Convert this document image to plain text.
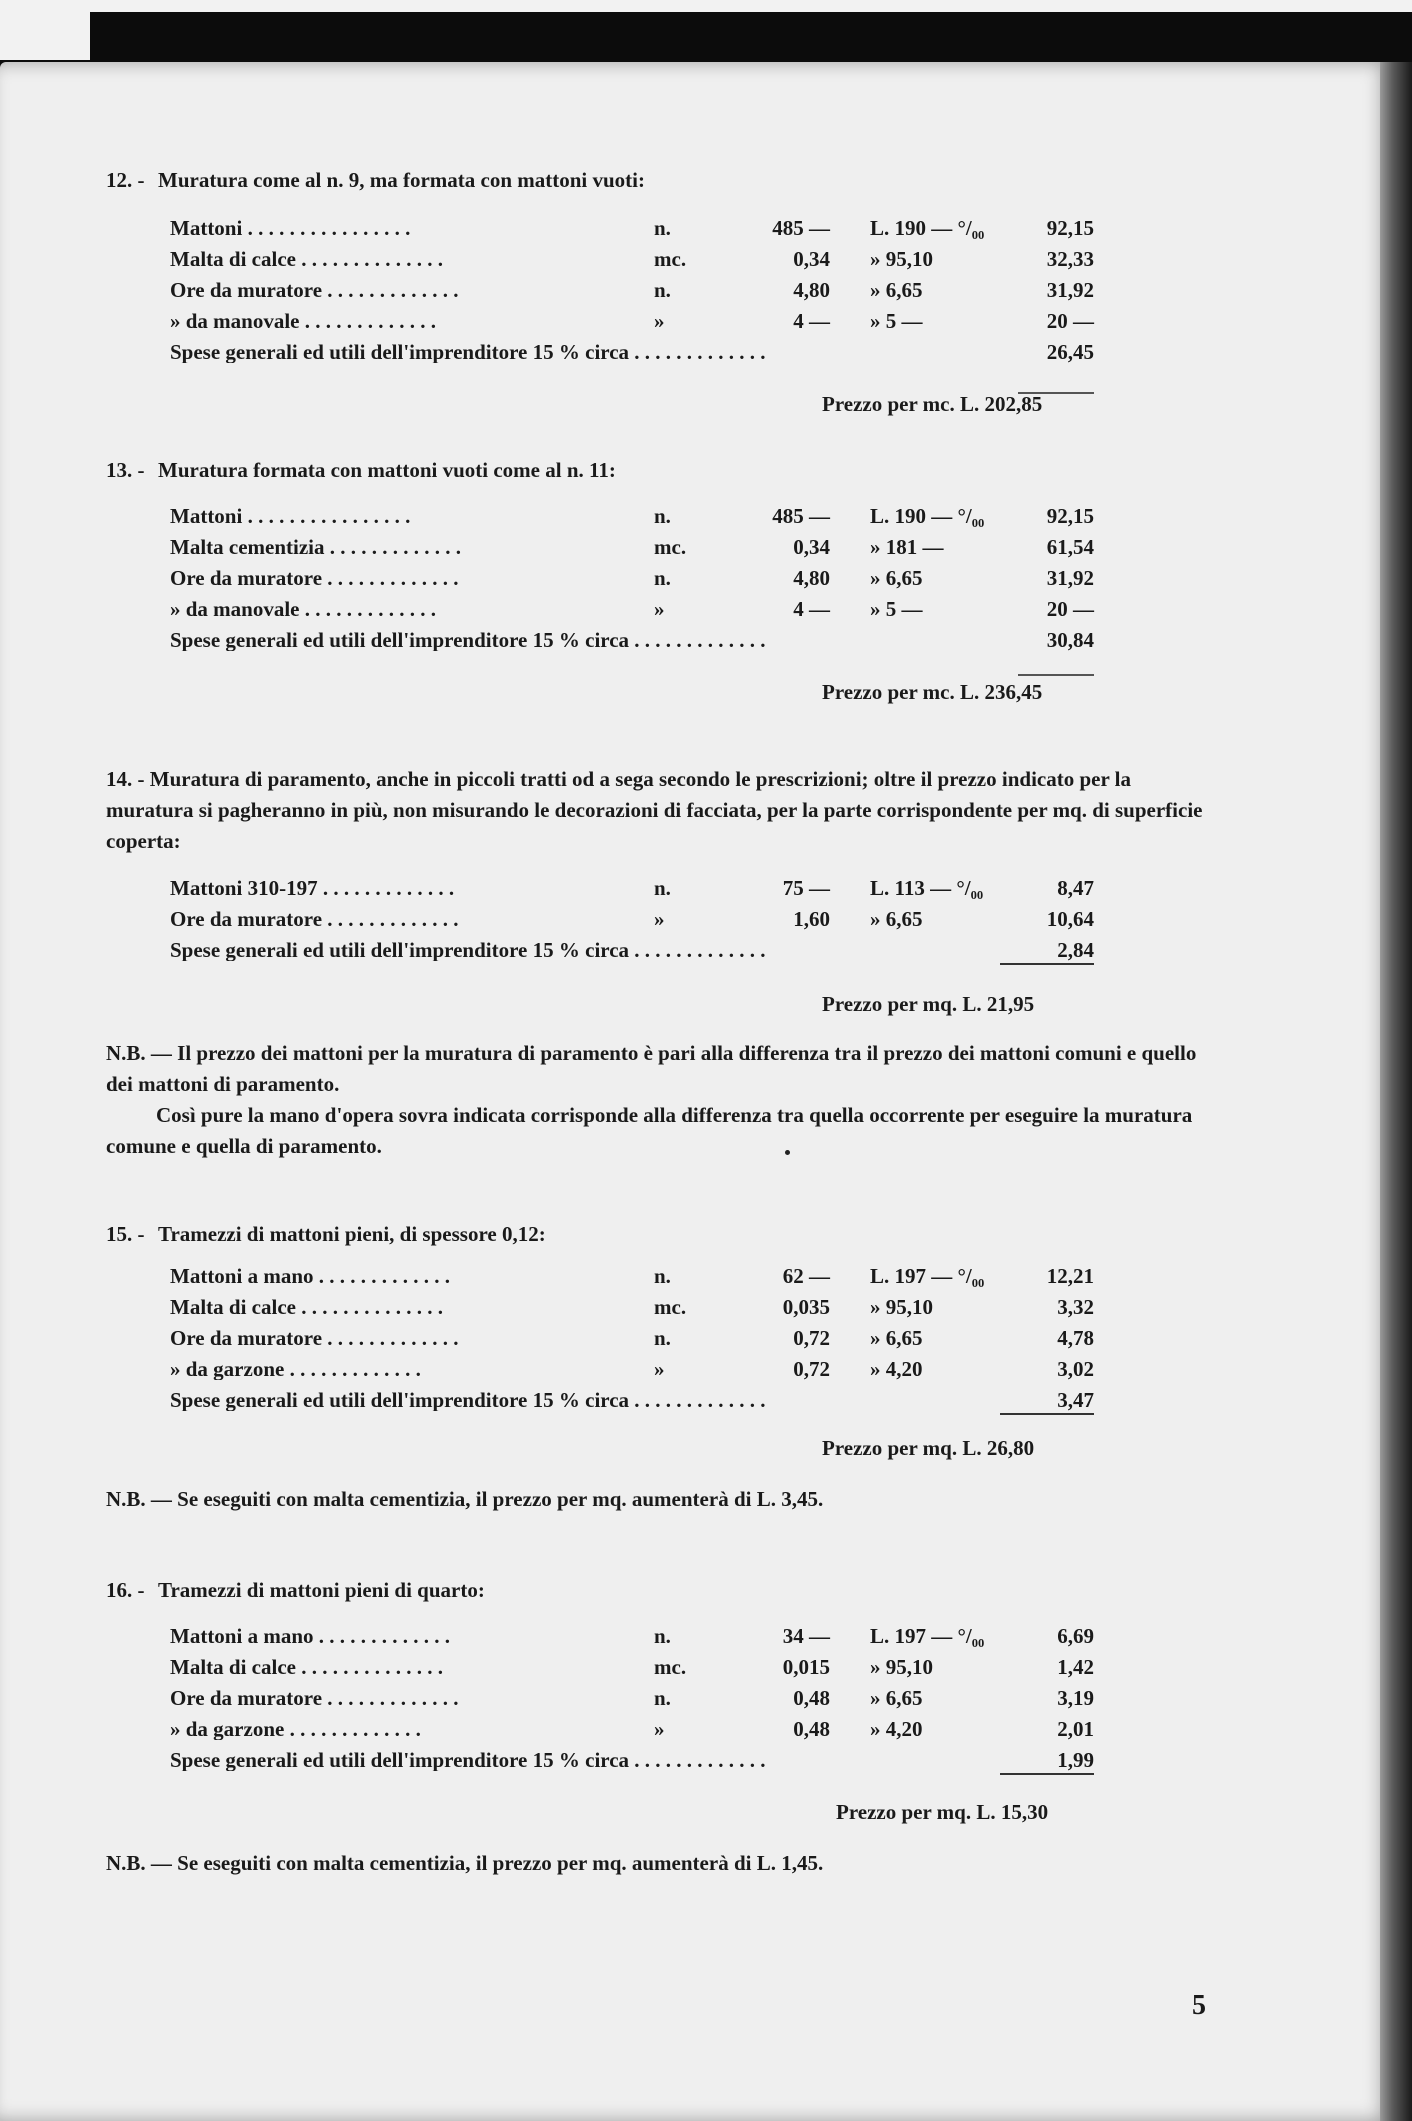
12. - Muratura come al n. 9, ma formata con mattoni vuoti:
Mattoni . . . . . . . . . . . . . . . .	n.	485 — L. 190 — °/₀₀	92,15
Malta di calce . . . . . . . . . . . . . .	mc.	0,34 » 95,10	32,33
Ore da muratore . . . . . . . . . . . . .	n.	4,80 » 6,65	31,92
» da manovale . . . . . . . . . . . . .	»	4 — » 5 —	20 —
Spese generali ed utili dell'imprenditore 15 % circa . . . . . . . . . . . . .	26,45
Prezzo per mc. L. 202,85
13. - Muratura formata con mattoni vuoti come al n. 11:
Mattoni . . . . . . . . . . . . . . . .	n.	485 — L. 190 — °/₀₀	92,15
Malta cementizia . . . . . . . . . . . . .	mc.	0,34 » 181 —	61,54
Ore da muratore . . . . . . . . . . . . .	n.	4,80 » 6,65	31,92
» da manovale . . . . . . . . . . . . .	»	4 — » 5 —	20 —
Spese generali ed utili dell'imprenditore 15 % circa . . . . . . . . . . . . .	30,84
Prezzo per mc. L. 236,45
14. - Muratura di paramento, anche in piccoli tratti od a sega secondo le prescrizioni; oltre il prezzo indicato per la muratura si pagheranno in più, non misurando le decorazioni di facciata, per la parte corrispondente per mq. di superficie coperta:
Mattoni 310-197 . . . . . . . . . . . . .	n.	75 — L. 113 — °/₀₀	8,47
Ore da muratore . . . . . . . . . . . . .	»	1,60 » 6,65	10,64
Spese generali ed utili dell'imprenditore 15 % circa . . . . . . . . . . . . .	2,84
Prezzo per mq. L. 21,95
N.B. — Il prezzo dei mattoni per la muratura di paramento è pari alla differenza tra il prezzo dei mattoni comuni e quello dei mattoni di paramento.
Così pure la mano d'opera sovra indicata corrisponde alla differenza tra quella occorrente per eseguire la muratura comune e quella di paramento.
15. - Tramezzi di mattoni pieni, di spessore 0,12:
Mattoni a mano . . . . . . . . . . . . .	n.	62 — L. 197 — °/₀₀	12,21
Malta di calce . . . . . . . . . . . . . .	mc.	0,035 » 95,10	3,32
Ore da muratore . . . . . . . . . . . . .	n.	0,72 » 6,65	4,78
» da garzone . . . . . . . . . . . . .	»	0,72 » 4,20	3,02
Spese generali ed utili dell'imprenditore 15 % circa . . . . . . . . . . . . .	3,47
Prezzo per mq. L. 26,80
N.B. — Se eseguiti con malta cementizia, il prezzo per mq. aumenterà di L. 3,45.
16. - Tramezzi di mattoni pieni di quarto:
Mattoni a mano . . . . . . . . . . . . .	n.	34 — L. 197 — °/₀₀	6,69
Malta di calce . . . . . . . . . . . . . .	mc.	0,015 » 95,10	1,42
Ore da muratore . . . . . . . . . . . . .	n.	0,48 » 6,65	3,19
» da garzone . . . . . . . . . . . . .	»	0,48 » 4,20	2,01
Spese generali ed utili dell'imprenditore 15 % circa . . . . . . . . . . . . .	1,99
Prezzo per mq. L. 15,30
N.B. — Se eseguiti con malta cementizia, il prezzo per mq. aumenterà di L. 1,45.
5
